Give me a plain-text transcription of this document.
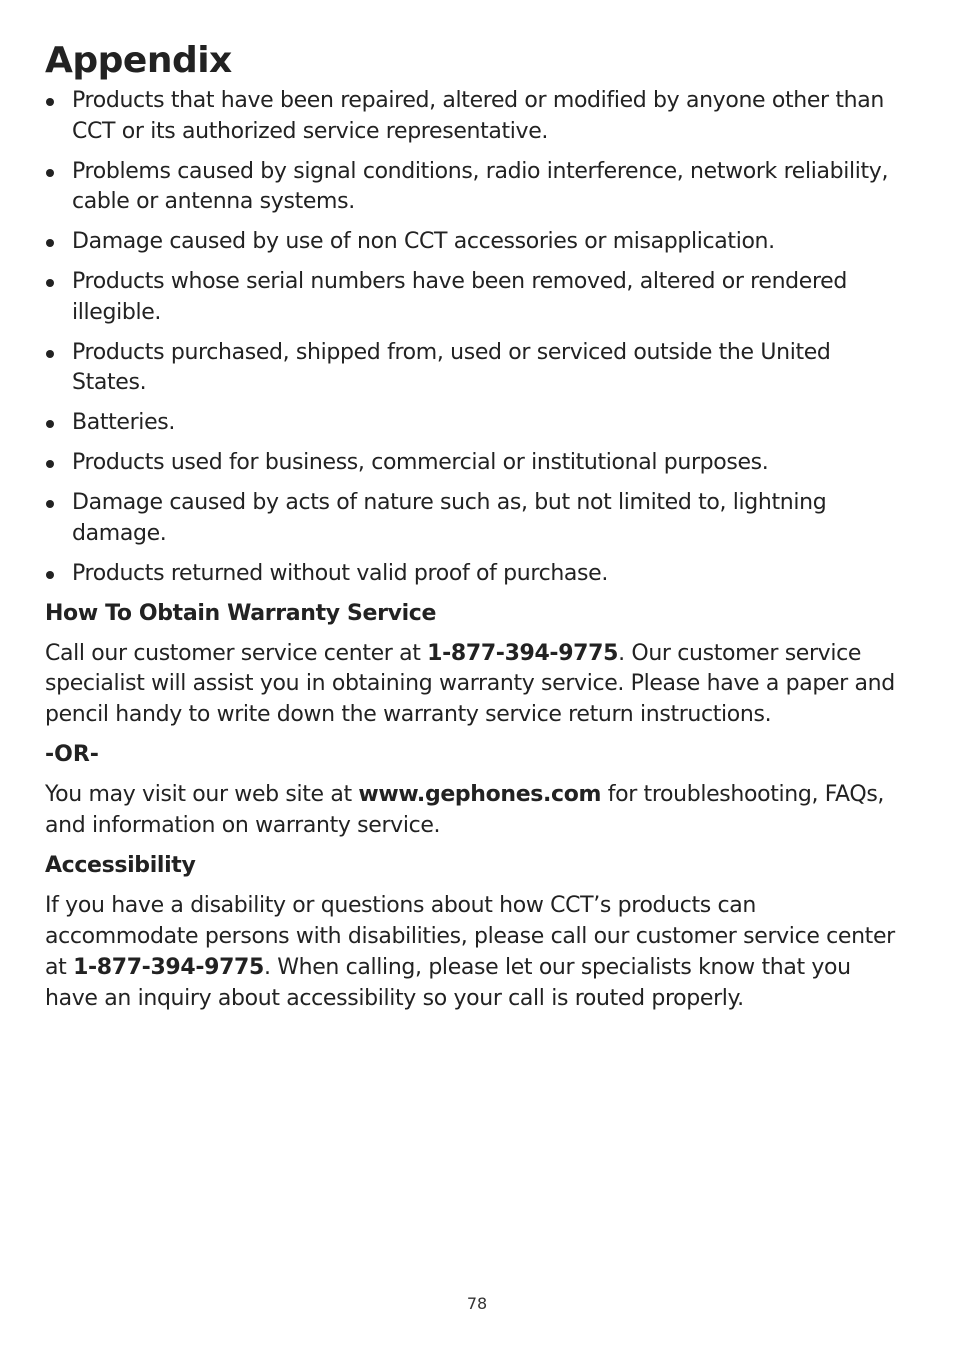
Appendix
Products that have been repaired, altered or modified by anyone other than CCT or its authorized service representative.
Problems caused by signal conditions, radio interference, network reliability, cable or antenna systems.
Damage caused by use of non CCT accessories or misapplication.
Products whose serial numbers have been removed, altered or rendered illegible.
Products purchased, shipped from, used or serviced outside the United States.
Batteries.
Products used for business, commercial or institutional purposes.
Damage caused by acts of nature such as, but not limited to, lightning damage.
Products returned without valid proof of purchase.
How To Obtain Warranty Service

Call our customer service center at 1-877-394-9775. Our customer service specialist will assist you in obtaining warranty service. Please have a paper and pencil handy to write down the warranty service return instructions.

-OR-

You may visit our web site at www.gephones.com for troubleshooting, FAQs, and information on warranty service.

Accessibility

If you have a disability or questions about how CCT’s products can accommodate persons with disabilities, please call our customer service center at 1-877-394-9775. When calling, please let our specialists know that you have an inquiry about accessibility so your call is routed properly.

78
